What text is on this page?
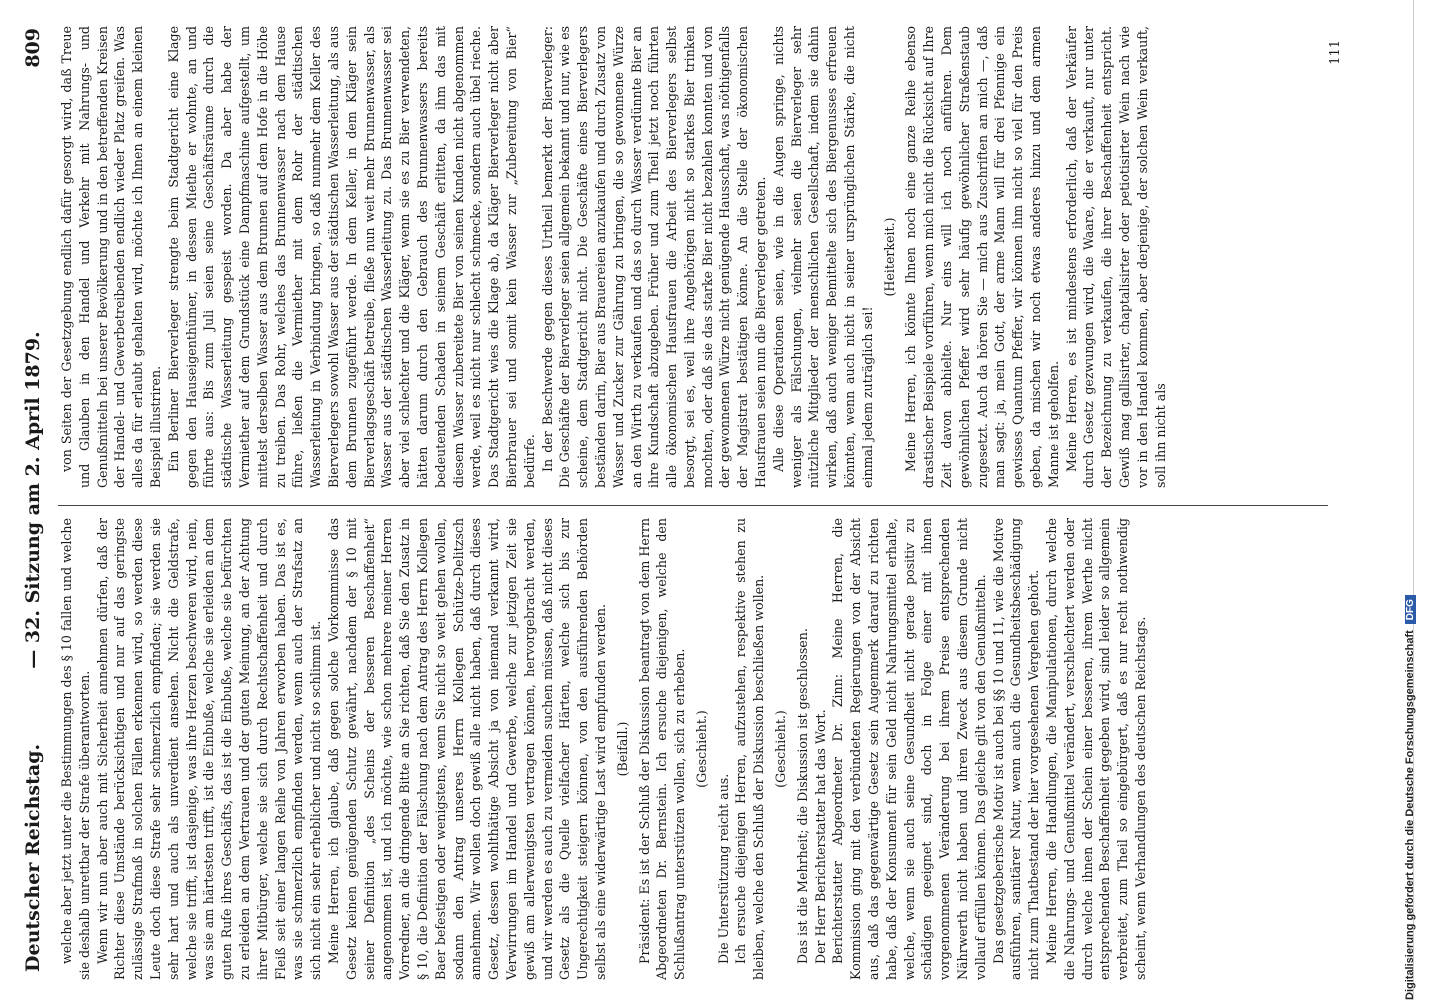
Deutscher Reichstag.
— 32. Sitzung am 2. April 1879.
809

welche aber jetzt unter die Bestimmungen des § 10 fallen und welche sie deshalb unrettbar der Strafe überantworten. Wenn wir nun aber auch mit Sicherheit annehmen dürfen, daß der Richter diese Umstände berücksichtigen und nur auf das geringste zulässige Strafmaß in solchen Fällen erkennen wird, so werden diese Leute doch diese Strafe sehr schmerzlich empfinden; sie werden sie sehr hart und auch als unverdient ansehen. Nicht die Geldstrafe, welche sie trifft, ist dasjenige, was ihre Herzen beschweren wird, nein, was sie am härtesten trifft, ist die Einbuße, welche sie erleiden an dem guten Rufe ihres Geschäfts, das ist die Einbuße, welche sie befürchten zu erleiden an dem Vertrauen und der guten Meinung, an der Achtung ihrer Mitbürger, welche sie sich durch Rechtschaffenheit und durch Fleiß seit einer langen Reihe von Jahren erworben haben. Das ist es, was sie schmerzlich empfinden werden, wenn auch der Strafsatz an sich nicht ein sehr erheblicher und nicht so schlimm ist. Meine Herren, ich glaube, daß gegen solche Vorkommnisse das Gesetz keinen genügenden Schutz gewährt, nachdem der § 10 mit seiner Definition „des Scheins der besseren Beschaffenheit“ angenommen ist, und ich möchte, wie schon mehrere meiner Herren Vorredner, an die dringende Bitte an Sie richten, daß Sie den Zusatz in § 10, die Definition der Fälschung nach dem Antrag des Herrn Kollegen Baer befestigen oder wenigstens, wenn Sie nicht so weit gehen wollen, sodann den Antrag unseres Herrn Kollegen Schütze-Delitzsch annehmen. Wir wollen doch gewiß alle nicht haben, daß durch dieses Gesetz, dessen wohlthätige Absicht ja von niemand verkannt wird, Verwirrungen im Handel und Gewerbe, welche zur jetzigen Zeit sie gewiß am allerwenigsten vertragen können, hervorgebracht werden, und wir werden es auch zu vermeiden suchen müssen, daß nicht dieses Gesetz als die Quelle vielfacher Härten, welche sich bis zur Ungerechtigkeit steigern können, von den ausführenden Behörden selbst als eine widerwärtige Last wird empfunden werden. (Beifall.) Präsident: Es ist der Schluß der Diskussion beantragt von dem Herrn Abgeordneten Dr. Bernstein. Ich ersuche diejenigen, welche den Schlußantrag unterstützen wollen, sich zu erheben. (Geschieht.)

Die Unterstützung reicht aus. Ich ersuche diejenigen Herren, aufzustehen, respektive stehen zu bleiben, welche den Schluß der Diskussion beschließen wollen. (Geschieht.) Das ist die Mehrheit; die Diskussion ist geschlossen. Der Herr Berichterstatter hat das Wort. Berichterstatter Abgeordneter Dr. Zinn: Meine Herren, die Kommission ging mit den verbündeten Regierungen von der Absicht aus, daß das gegenwärtige Gesetz sein Augenmerk darauf zu richten habe, daß der Konsument für sein Geld nicht Nahrungsmittel erhalte, welche, wenn sie auch seine Gesundheit nicht gerade positiv zu schädigen geeignet sind, doch in Folge einer mit ihnen vorgenommenen Veränderung bei ihrem Preise entsprechenden Nährwerth nicht haben und ihren Zweck aus diesem Grunde nicht vollauf erfüllen können. Das gleiche gilt von den Genußmitteln. Das gesetzgeberische Motiv ist auch bei §§ 10 und 11, wie die Motive ausführen, sanitärer Natur, wenn auch die Gesundheitsbeschädigung nicht zum Thatbestand der hier vorgesehenen Vergehen gehört. Meine Herren, die Handlungen, die Manipulationen, durch welche die Nahrungs- und Genußmittel verändert, verschlechtert werden oder durch welche ihnen der Schein einer besseren, ihrem Werthe nicht entsprechenden Beschaffenheit gegeben wird, sind leider so allgemein verbreitet, zum Theil so eingebürgert, daß es nur recht nothwendig scheint, wenn Verhandlungen des deutschen Reichstags.

von Seiten der Gesetzgebung endlich dafür gesorgt wird, daß Treue und Glauben in den Handel und Verkehr mit Nahrungs- und Genußmitteln bei unserer Bevölkerung und in den betreffenden Kreisen der Handel- und Gewerbetreibenden endlich wieder Platz greifen. Was alles da für erlaubt gehalten wird, möchte ich Ihnen an einem kleinen Beispiel illustriren. Ein Berliner Bierverleger strengte beim Stadtgericht eine Klage gegen den Hauseigenthümer, in dessen Miethe er wohnte, an und führte aus: Bis zum Juli seien seine Geschäftsräume durch die städtische Wasserleitung gespeist worden. Da aber habe der Vermiether auf dem Grundstück eine Dampfmaschine aufgestellt, um mittelst derselben Wasser aus dem Brunnen auf dem Hofe in die Höhe zu treiben. Das Rohr, welches das Brunnenwasser nach dem Hause führe, ließen die Vermiether mit dem Rohr der städtischen Wasserleitung in Verbindung bringen, so daß nunmehr dem Keller des Bierverlegers sowohl Wasser aus der städtischen Wasserleitung, als aus dem Brunnen zugeführt werde. In dem Keller, in dem Kläger sein Bierverlagsgeschäft betreibe, fließe nun weit mehr Brunnenwasser, als Wasser aus der städtischen Wasserleitung zu. Das Brunnenwasser sei aber viel schlechter und die Kläger, wenn sie es zu Bier verwendeten, hätten darum durch den Gebrauch des Brunnenwassers bereits bedeutenden Schaden in seinem Geschäft erlitten, da ihm das mit diesem Wasser zubereitete Bier von seinen Kunden nicht abgenommen werde, weil es nicht nur schlecht schmecke, sondern auch übel rieche. Das Stadtgericht wies die Klage ab, da Kläger Bierverleger nicht aber Bierbrauer sei und somit kein Wasser zur „Zubereitung von Bier“ bedürfe. In der Beschwerde gegen dieses Urtheil bemerkt der Bierverleger: Die Geschäfte der Bierverleger seien allgemein bekannt und nur, wie es scheine, dem Stadtgericht nicht. Die Geschäfte eines Bierverlegers beständen darin, Bier aus Brauereien anzukaufen und durch Zusatz von Wasser und Zucker zur Gährung zu bringen, die so gewonnene Würze an den Wirth zu verkaufen und das so durch Wasser verdünnte Bier an ihre Kundschaft abzugeben. Früher und zum Theil jetzt noch führten alle ökonomischen Hausfrauen die Arbeit des Bierverlegers selbst besorgt, sei es, weil ihre Angehörigen nicht so starkes Bier trinken mochten, oder daß sie das starke Bier nicht bezahlen konnten und von der gewonnenen Würze nicht genügende Hausschaft, was nöthigenfalls der Magistrat bestätigen könne. An die Stelle der ökonomischen Hausfrauen seien nun die Bierverleger getreten. Alle diese Operationen seien, wie in die Augen springe, nichts weniger als Fälschungen, vielmehr seien die Bierverleger sehr nützliche Mitglieder der menschlichen Gesellschaft, indem sie dahin wirken, daß auch weniger Bemittelte sich des Biergenusses erfreuen könnten, wenn auch nicht in seiner ursprünglichen Stärke, die nicht einmal jedem zuträglich sei!

(Heiterkeit.) Meine Herren, ich könnte Ihnen noch eine ganze Reihe ebenso drastischer Beispiele vorführen, wenn mich nicht die Rücksicht auf Ihre Zeit davon abhielte. Nur eins will ich noch anführen. Dem gewöhnlichen Pfeffer wird sehr häufig gewöhnlicher Straßenstaub zugesetzt. Auch da hören Sie — mich aus Zuschriften an mich —, daß man sagt: ja, mein Gott, der arme Mann will für drei Pfennige ein gewisses Quantum Pfeffer, wir können ihm nicht so viel für den Preis geben, da mischen wir noch etwas anderes hinzu und dem armen Manne ist geholfen. Meine Herren, es ist mindestens erforderlich, daß der Verkäufer durch Gesetz gezwungen wird, die Waare, die er verkauft, nur unter der Bezeichnung zu verkaufen, die ihrer Beschaffenheit entspricht. Gewiß mag gallisirter, chaptalisirter oder petiotisirter Wein nach wie vor in den Handel kommen, aber derjenige, der solchen Wein verkauft, soll ihn nicht als

111
Digitalisierung gefördert durch die Deutsche ForschungsgemeinschaftDFG
